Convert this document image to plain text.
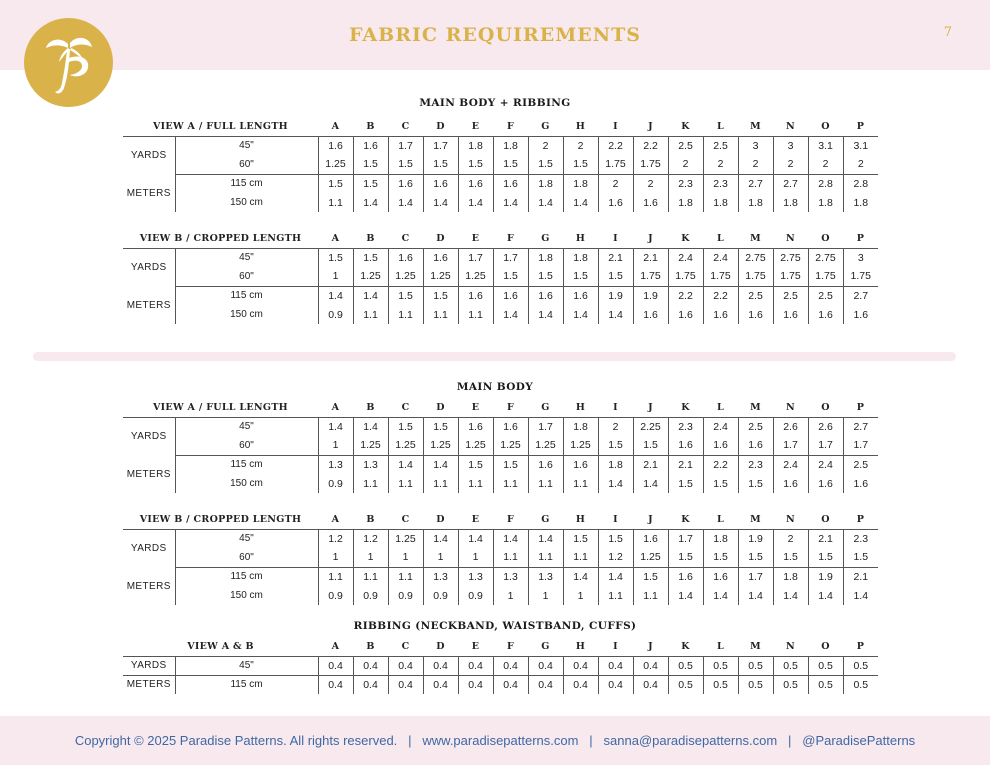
FABRIC REQUIREMENTS	7
MAIN BODY + RIBBING
VIEW A / FULL LENGTH		A	B	C	D	E	F	G	H	I	J	K	L	M	N	O	P
YARDS	45"	1.6	1.6	1.7	1.7	1.8	1.8	2	2	2.2	2.2	2.5	2.5	3	3	3.1	3.1
	60"	1.25	1.5	1.5	1.5	1.5	1.5	1.5	1.5	1.75	1.75	2	2	2	2	2	2
METERS	115 cm	1.5	1.5	1.6	1.6	1.6	1.6	1.8	1.8	2	2	2.3	2.3	2.7	2.7	2.8	2.8
	150 cm	1.1	1.4	1.4	1.4	1.4	1.4	1.4	1.4	1.6	1.6	1.8	1.8	1.8	1.8	1.8	1.8
VIEW B / CROPPED LENGTH		A	B	C	D	E	F	G	H	I	J	K	L	M	N	O	P
YARDS	45"	1.5	1.5	1.6	1.6	1.7	1.7	1.8	1.8	2.1	2.1	2.4	2.4	2.75	2.75	2.75	3
	60"	1	1.25	1.25	1.25	1.25	1.5	1.5	1.5	1.5	1.75	1.75	1.75	1.75	1.75	1.75	1.75
METERS	115 cm	1.4	1.4	1.5	1.5	1.6	1.6	1.6	1.6	1.9	1.9	2.2	2.2	2.5	2.5	2.5	2.7
	150 cm	0.9	1.1	1.1	1.1	1.1	1.4	1.4	1.4	1.4	1.6	1.6	1.6	1.6	1.6	1.6	1.6
MAIN BODY
VIEW A / FULL LENGTH		A	B	C	D	E	F	G	H	I	J	K	L	M	N	O	P
YARDS	45"	1.4	1.4	1.5	1.5	1.6	1.6	1.7	1.8	2	2.25	2.3	2.4	2.5	2.6	2.6	2.7
	60"	1	1.25	1.25	1.25	1.25	1.25	1.25	1.25	1.5	1.5	1.6	1.6	1.6	1.7	1.7	1.7
METERS	115 cm	1.3	1.3	1.4	1.4	1.5	1.5	1.6	1.6	1.8	2.1	2.1	2.2	2.3	2.4	2.4	2.5
	150 cm	0.9	1.1	1.1	1.1	1.1	1.1	1.1	1.1	1.4	1.4	1.5	1.5	1.5	1.6	1.6	1.6
VIEW B / CROPPED LENGTH		A	B	C	D	E	F	G	H	I	J	K	L	M	N	O	P
YARDS	45"	1.2	1.2	1.25	1.4	1.4	1.4	1.4	1.5	1.5	1.6	1.7	1.8	1.9	2	2.1	2.3
	60"	1	1	1	1	1	1.1	1.1	1.1	1.2	1.25	1.5	1.5	1.5	1.5	1.5	1.5
METERS	115 cm	1.1	1.1	1.1	1.3	1.3	1.3	1.3	1.4	1.4	1.5	1.6	1.6	1.7	1.8	1.9	2.1
	150 cm	0.9	0.9	0.9	0.9	0.9	1	1	1	1.1	1.1	1.4	1.4	1.4	1.4	1.4	1.4
RIBBING (NECKBAND, WAISTBAND, CUFFS)
VIEW A & B		A	B	C	D	E	F	G	H	I	J	K	L	M	N	O	P
YARDS	45"	0.4	0.4	0.4	0.4	0.4	0.4	0.4	0.4	0.4	0.4	0.5	0.5	0.5	0.5	0.5	0.5
METERS	115 cm	0.4	0.4	0.4	0.4	0.4	0.4	0.4	0.4	0.4	0.4	0.5	0.5	0.5	0.5	0.5	0.5
Copyright © 2025 Paradise Patterns. All rights reserved. | www.paradisepatterns.com | sanna@paradisepatterns.com | @ParadisePatterns
